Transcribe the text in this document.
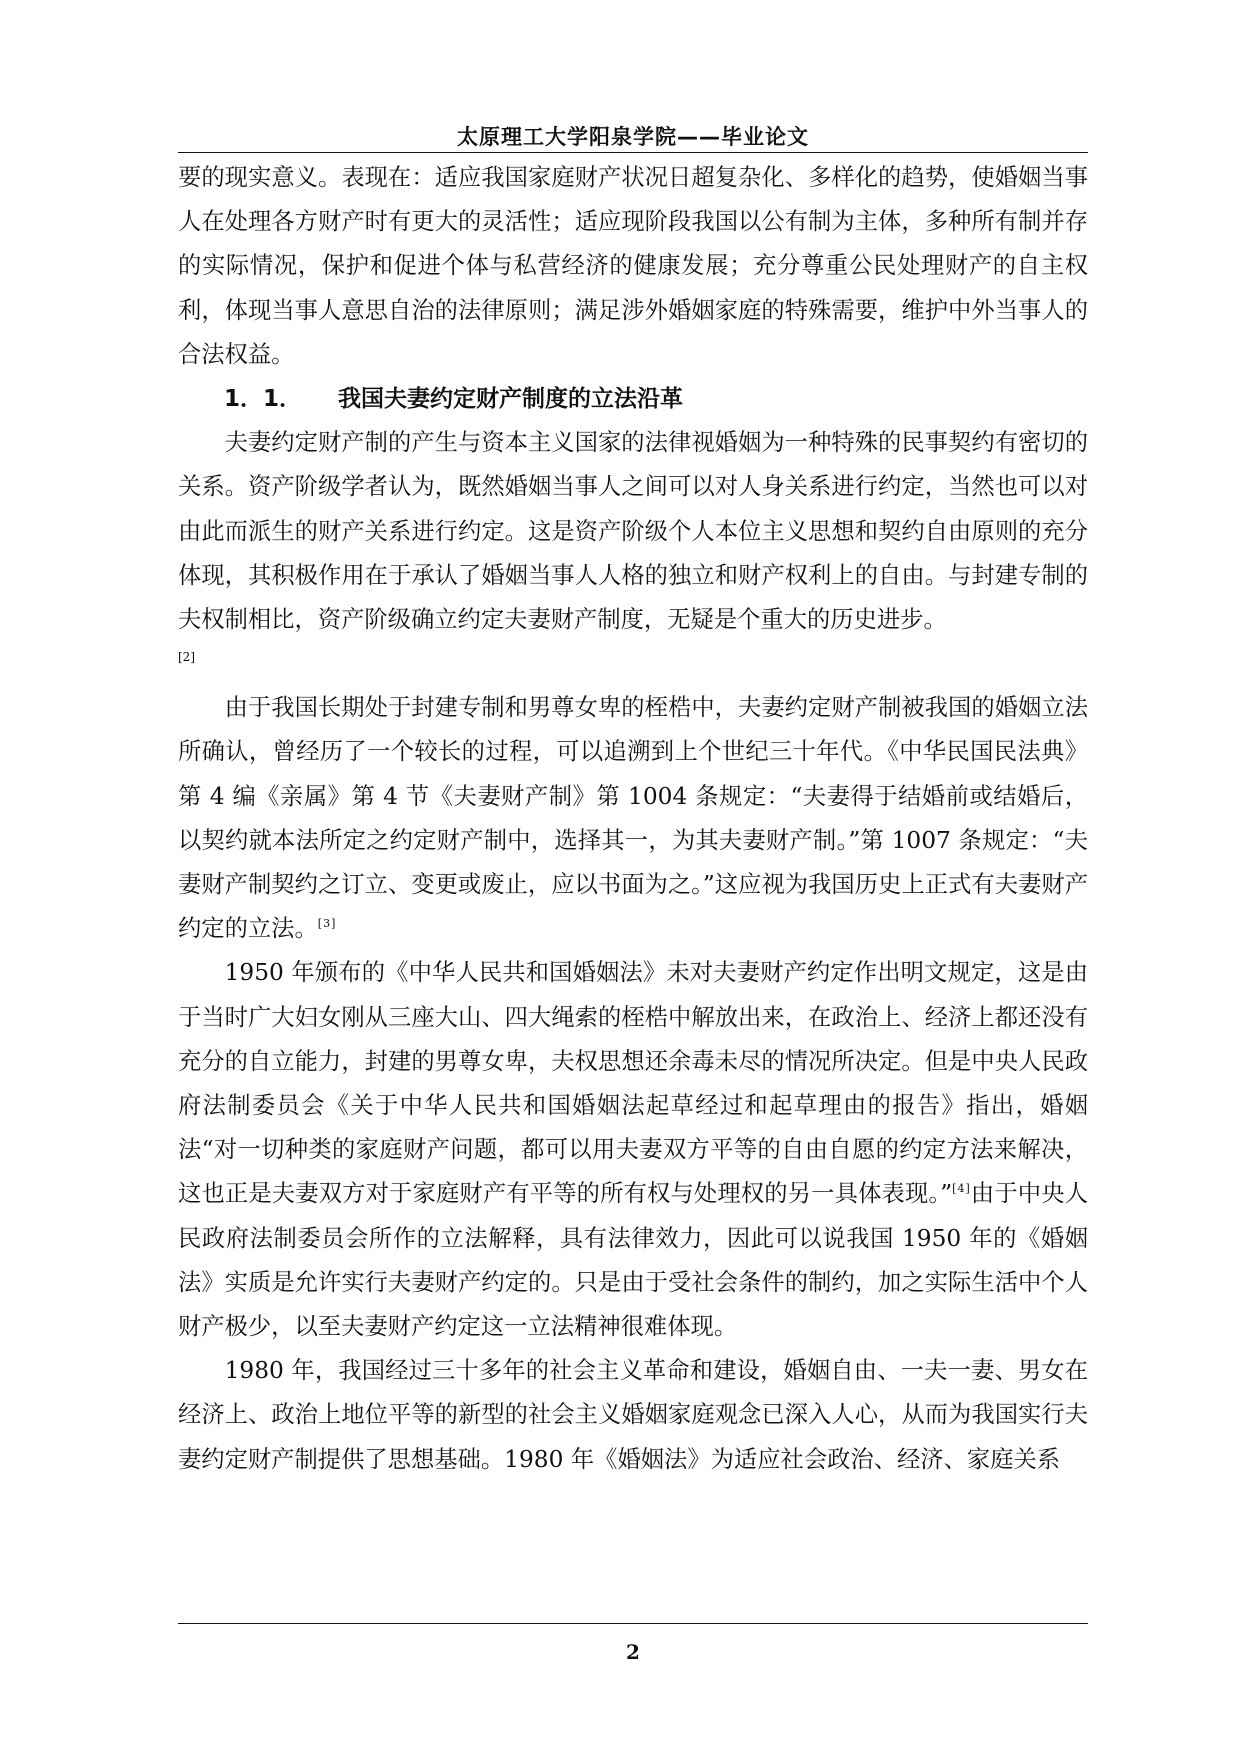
太原理工大学阳泉学院——毕业论文

要的现实意义。表现在：适应我国家庭财产状况日超复杂化、多样化的趋势，使婚姻当事人在处理各方财产时有更大的灵活性；适应现阶段我国以公有制为主体，多种所有制并存的实际情况，保护和促进个体与私营经济的健康发展；充分尊重公民处理财产的自主权利，体现当事人意思自治的法律原则；满足涉外婚姻家庭的特殊需要，维护中外当事人的合法权益。

1．1． 我国夫妻约定财产制度的立法沿革

夫妻约定财产制的产生与资本主义国家的法律视婚姻为一种特殊的民事契约有密切的关系。资产阶级学者认为，既然婚姻当事人之间可以对人身关系进行约定，当然也可以对由此而派生的财产关系进行约定。这是资产阶级个人本位主义思想和契约自由原则的充分体现，其积极作用在于承认了婚姻当事人人格的独立和财产权利上的自由。与封建专制的夫权制相比，资产阶级确立约定夫妻财产制度，无疑是个重大的历史进步。

[2]

由于我国长期处于封建专制和男尊女卑的桎梏中，夫妻约定财产制被我国的婚姻立法所确认，曾经历了一个较长的过程，可以追溯到上个世纪三十年代。《中华民国民法典》第 4 编《亲属》第 4 节《夫妻财产制》第 1004 条规定：“夫妻得于结婚前或结婚后，以契约就本法所定之约定财产制中，选择其一，为其夫妻财产制。”第 1007 条规定：“夫妻财产制契约之订立、变更或废止，应以书面为之。”这应视为我国历史上正式有夫妻财产约定的立法。[3]

1950 年颁布的《中华人民共和国婚姻法》未对夫妻财产约定作出明文规定，这是由于当时广大妇女刚从三座大山、四大绳索的桎梏中解放出来，在政治上、经济上都还没有充分的自立能力，封建的男尊女卑，夫权思想还余毒未尽的情况所决定。但是中央人民政府法制委员会《关于中华人民共和国婚姻法起草经过和起草理由的报告》指出，婚姻法“对一切种类的家庭财产问题，都可以用夫妻双方平等的自由自愿的约定方法来解决，这也正是夫妻双方对于家庭财产有平等的所有权与处理权的另一具体表现。”[4]由于中央人民政府法制委员会所作的立法解释，具有法律效力，因此可以说我国 1950 年的《婚姻法》实质是允许实行夫妻财产约定的。只是由于受社会条件的制约，加之实际生活中个人财产极少，以至夫妻财产约定这一立法精神很难体现。

1980 年，我国经过三十多年的社会主义革命和建设，婚姻自由、一夫一妻、男女在经济上、政治上地位平等的新型的社会主义婚姻家庭观念已深入人心，从而为我国实行夫妻约定财产制提供了思想基础。1980 年《婚姻法》为适应社会政治、经济、家庭关系

2
